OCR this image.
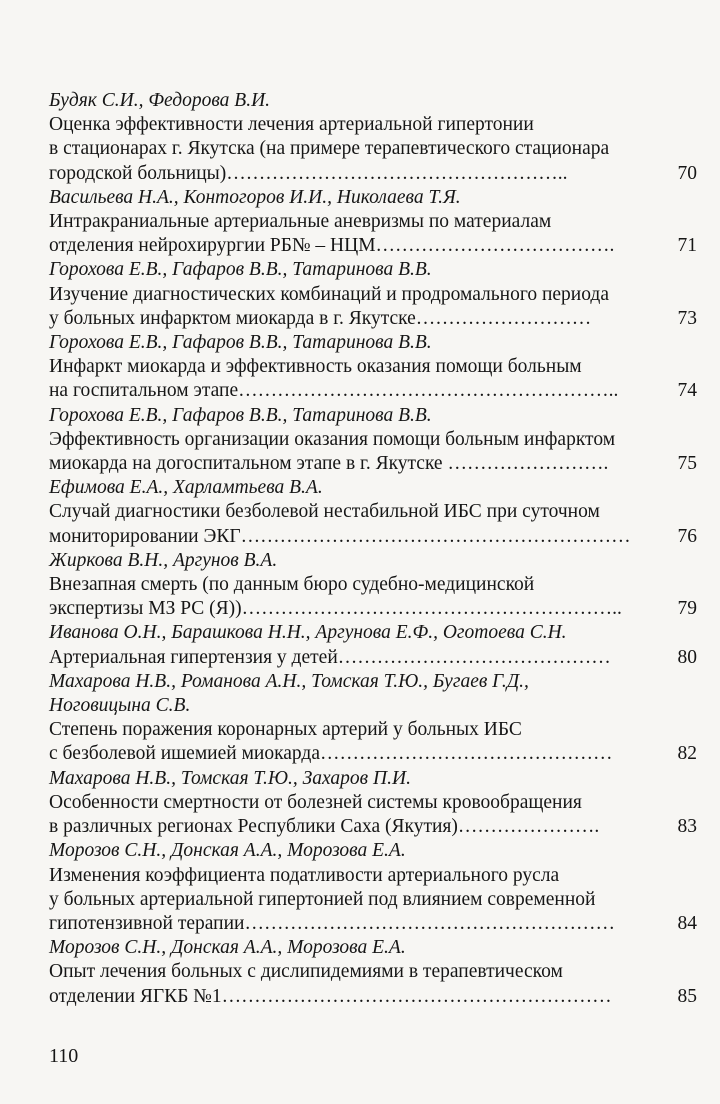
Будяк С.И., Федорова В.И.
Оценка эффективности лечения артериальной гипертонии
в стационарах г. Якутска (на примере терапевтического стационара
городской больницы)……………………………………………..	70
Васильева Н.А., Контогоров И.И., Николаева Т.Я.
Интракраниальные артериальные аневризмы по материалам
отделения нейрохирургии РБ№ – НЦМ……………………………….	71
Горохова Е.В., Гафаров В.В., Татаринова В.В.
Изучение диагностических комбинаций и продромального периода
у больных инфарктом миокарда в г. Якутске………………………	73
Горохова Е.В., Гафаров В.В., Татаринова В.В.
Инфаркт миокарда и эффективность оказания помощи больным
на госпитальном этапе…………………………………………………..	74
Горохова Е.В., Гафаров В.В., Татаринова В.В.
Эффективность организации оказания помощи больным инфарктом
миокарда на догоспитальном этапе в г. Якутске …………………….	75
Ефимова Е.А., Харламтьева В.А.
Случай диагностики безболевой нестабильной ИБС при суточном
мониторировании ЭКГ……………………………………………………	76
Жиркова В.Н., Аргунов В.А.
Внезапная смерть (по данным бюро судебно-медицинской
экспертизы МЗ РС (Я))…………………………………………………..	79
Иванова О.Н., Барашкова Н.Н., Аргунова Е.Ф., Оготоева С.Н.
Артериальная гипертензия у детей……………………………………	80
Махарова Н.В., Романова А.Н., Томская Т.Ю., Бугаев Г.Д.,
Ноговицына С.В.
Степень поражения коронарных артерий у больных ИБС
с безболевой ишемией миокарда………………………………………	82
Махарова Н.В., Томская Т.Ю., Захаров П.И.
Особенности смертности от болезней системы кровообращения
в различных регионах Республики Саха (Якутия)………………….	83
Морозов С.Н., Донская А.А., Морозова Е.А.
Изменения коэффициента податливости артериального русла
у больных артериальной гипертонией под влиянием современной
гипотензивной терапии…………………………………………………	84
Морозов С.Н., Донская А.А., Морозова Е.А.
Опыт лечения больных с дислипидемиями в терапевтическом
отделении ЯГКБ №1……………………………………………………	85
110
